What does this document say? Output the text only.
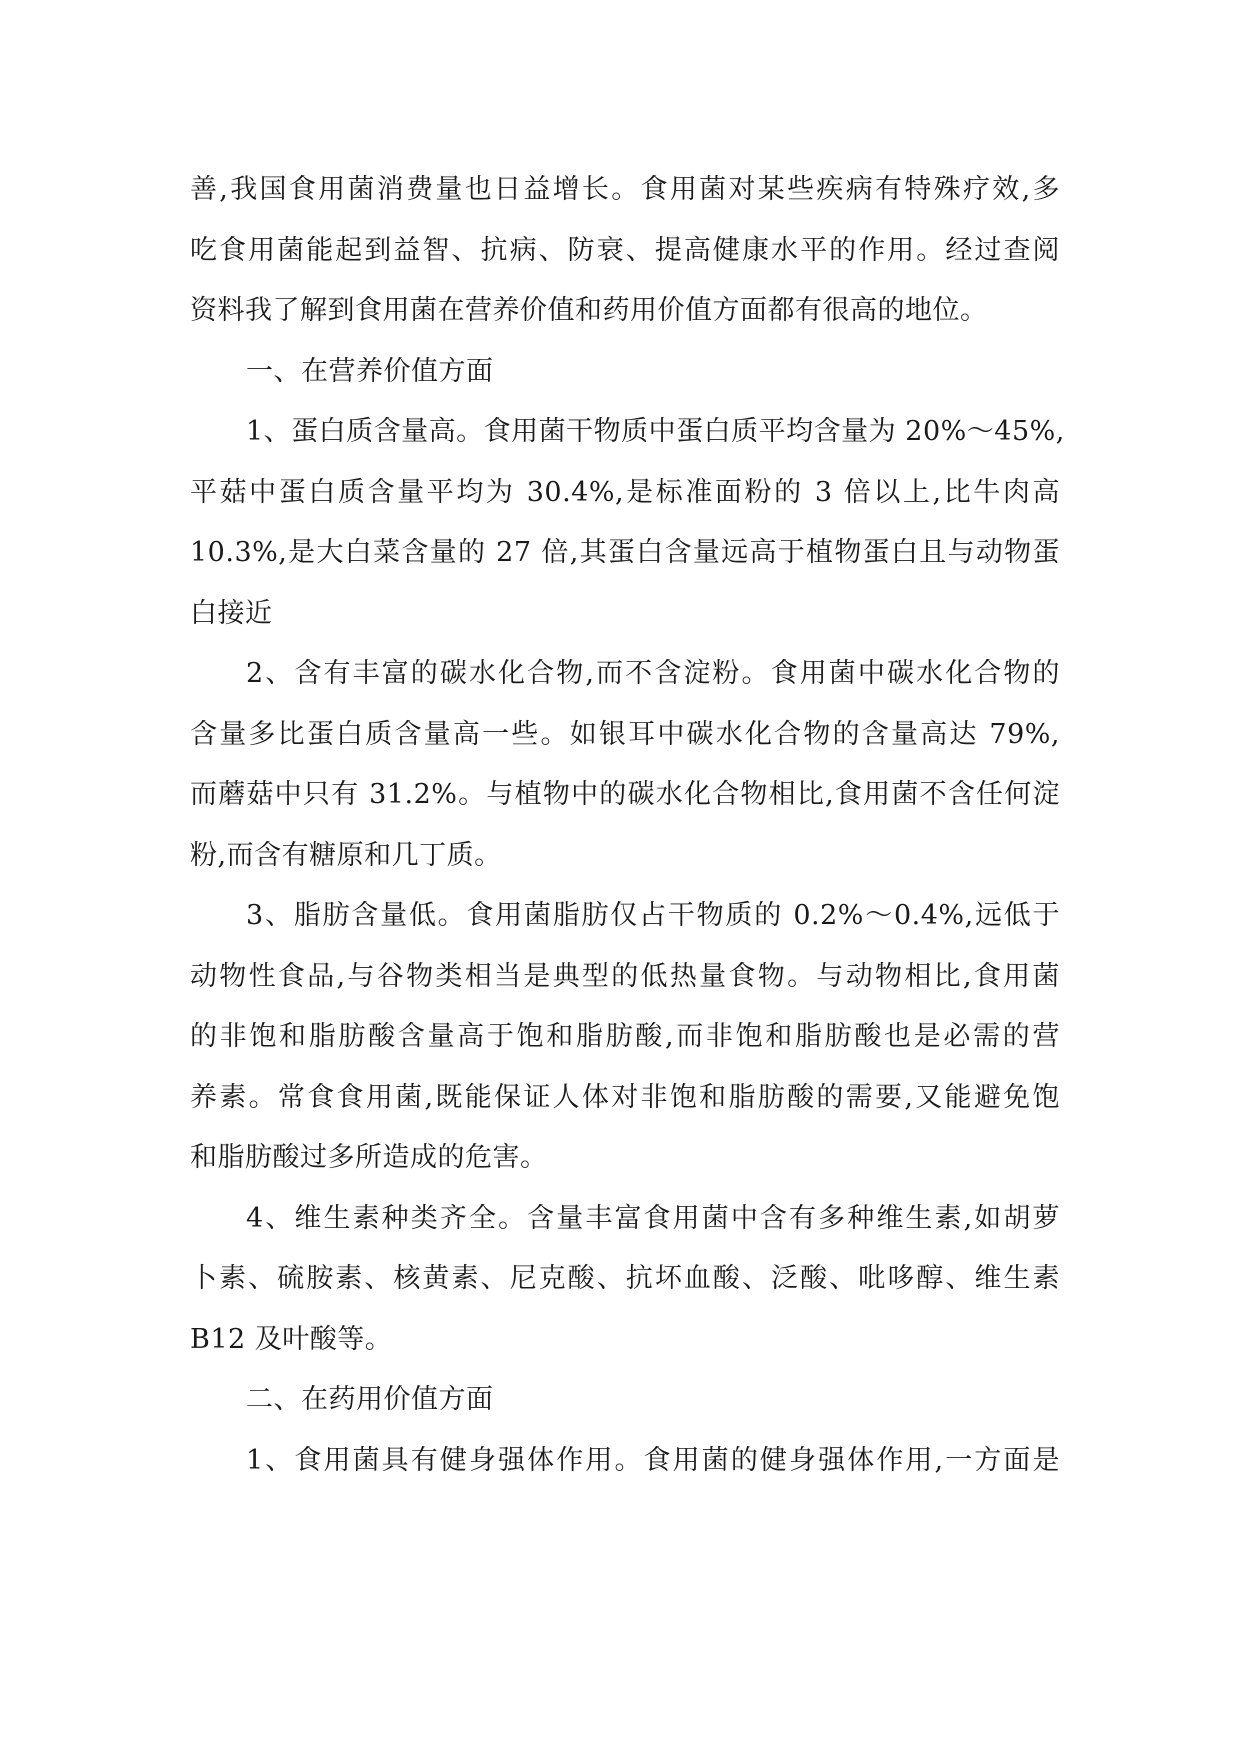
善,我国食用菌消费量也日益增长。食用菌对某些疾病有特殊疗效,多
吃食用菌能起到益智、抗病、防衰、提高健康水平的作用。经过查阅
资料我了解到食用菌在营养价值和药用价值方面都有很高的地位。
一、在营养价值方面
1、蛋白质含量高。食用菌干物质中蛋白质平均含量为 20%～45%,
平菇中蛋白质含量平均为 30.4%,是标准面粉的 3 倍以上,比牛肉高
10.3%,是大白菜含量的 27 倍,其蛋白含量远高于植物蛋白且与动物蛋
白接近
2、含有丰富的碳水化合物,而不含淀粉。食用菌中碳水化合物的
含量多比蛋白质含量高一些。如银耳中碳水化合物的含量高达 79%,
而蘑菇中只有 31.2%。与植物中的碳水化合物相比,食用菌不含任何淀
粉,而含有糖原和几丁质。
3、脂肪含量低。食用菌脂肪仅占干物质的 0.2%～0.4%,远低于
动物性食品,与谷物类相当是典型的低热量食物。与动物相比,食用菌
的非饱和脂肪酸含量高于饱和脂肪酸,而非饱和脂肪酸也是必需的营
养素。常食食用菌,既能保证人体对非饱和脂肪酸的需要,又能避免饱
和脂肪酸过多所造成的危害。
4、维生素种类齐全。含量丰富食用菌中含有多种维生素,如胡萝
卜素、硫胺素、核黄素、尼克酸、抗坏血酸、泛酸、吡哆醇、维生素
B12 及叶酸等。
二、在药用价值方面
1、食用菌具有健身强体作用。食用菌的健身强体作用,一方面是
